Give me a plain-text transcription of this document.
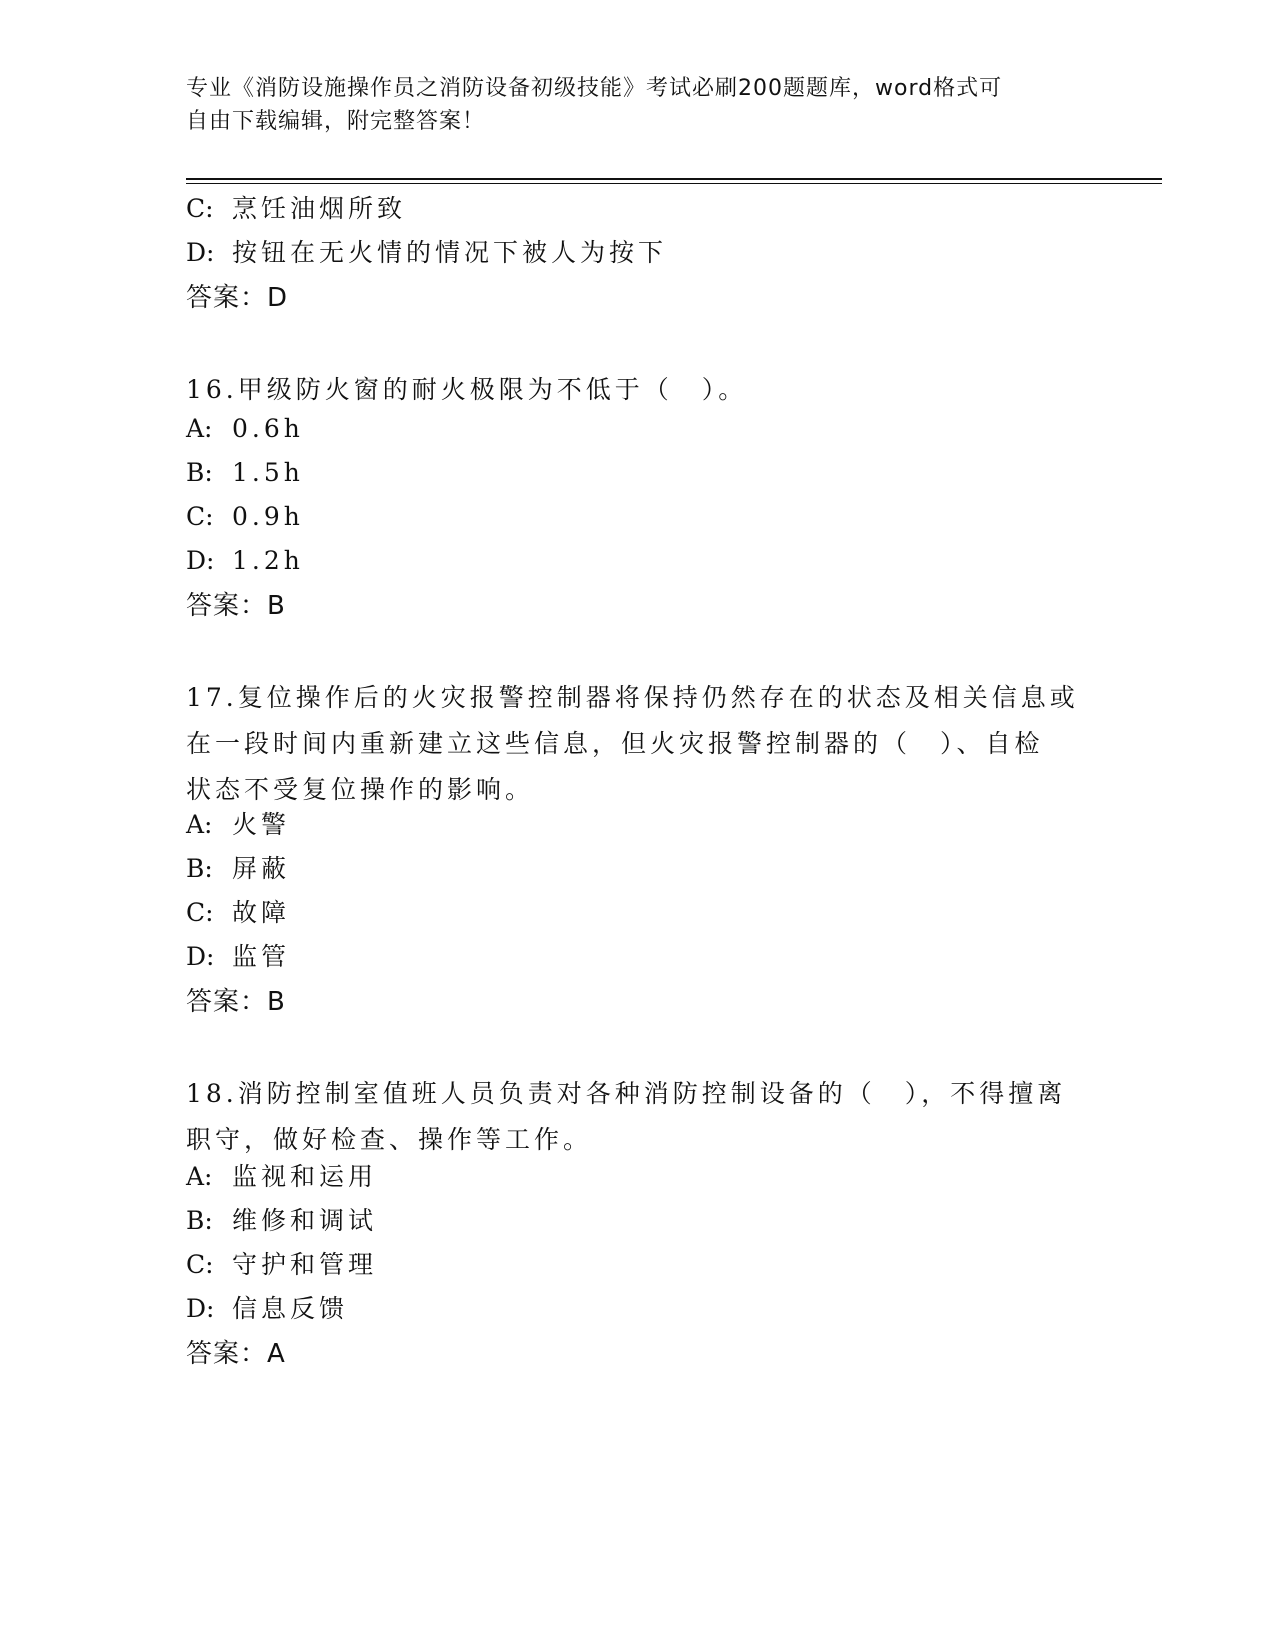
专业《消防设施操作员之消防设备初级技能》考试必刷200题题库，word格式可
自由下载编辑，附完整答案！
C: 烹饪油烟所致
D: 按钮在无火情的情况下被人为按下
答案：D
16.甲级防火窗的耐火极限为不低于（　）。
A: 0.6h
B: 1.5h
C: 0.9h
D: 1.2h
答案：B
17.复位操作后的火灾报警控制器将保持仍然存在的状态及相关信息或
在一段时间内重新建立这些信息，但火灾报警控制器的（　）、自检
状态不受复位操作的影响。
A: 火警
B: 屏蔽
C: 故障
D: 监管
答案：B
18.消防控制室值班人员负责对各种消防控制设备的（　），不得擅离
职守，做好检查、操作等工作。
A: 监视和运用
B: 维修和调试
C: 守护和管理
D: 信息反馈
答案：A
